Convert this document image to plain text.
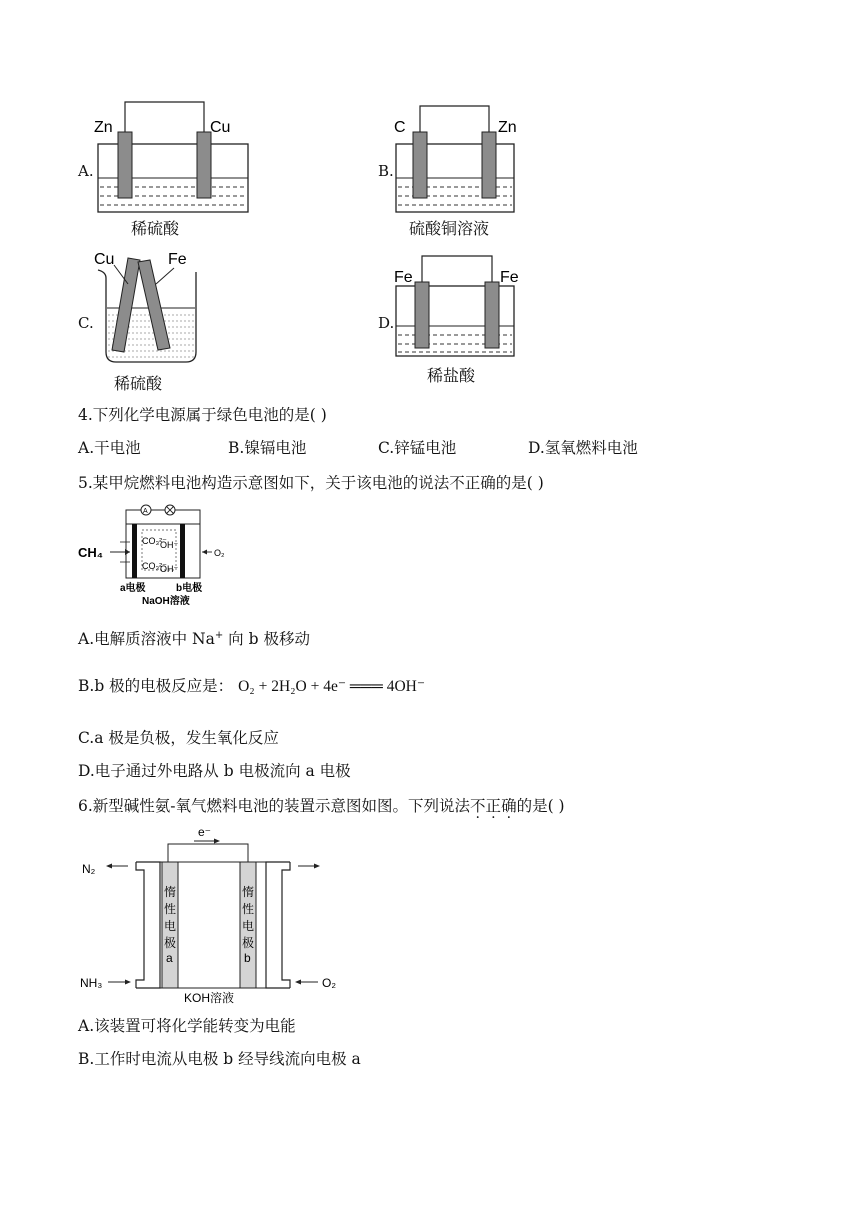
A.
Zn	Cu
稀硫酸
B.
C	Zn
硫酸铜溶液
C.
Cu	Fe
稀硫酸
D.
Fe	Fe
稀盐酸
4.下列化学电源属于绿色电池的是( )
A.干电池	B.镍镉电池	C.锌锰电池	D.氢氧燃料电池
5.某甲烷燃料电池构造示意图如下，关于该电池的说法不正确的是( )
A
CO₃²⁻
OH⁻
CO₃²⁻
OH⁻
CH₄	O₂
a电极	b电极
NaOH溶液
A.电解质溶液中 Na+ 向 b 极移动
B.b 极的电极反应是： O₂ + 2H₂O + 4e⁻ ═══ 4OH⁻
C.a 极是负极，发生氧化反应
D.电子通过外电路从 b 电极流向 a 电极
6.新型碱性氨-氧气燃料电池的装置示意图如图。下列说法不正确的是( )
e⁻
惰
性
电
极
a
惰
性
电
极
b
N₂
NH₃	O₂
KOH溶液
A.该装置可将化学能转变为电能
B.工作时电流从电极 b 经导线流向电极 a
